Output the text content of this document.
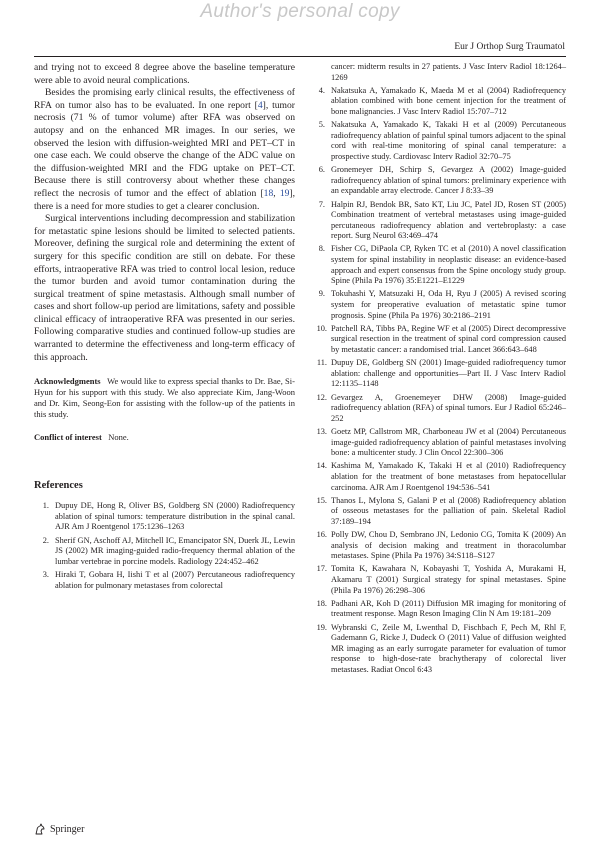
Author's personal copy
Eur J Orthop Surg Traumatol

and trying not to exceed 8 degree above the baseline temperature were able to avoid neural complications.

Besides the promising early clinical results, the effectiveness of RFA on tumor also has to be evaluated. In one report [4], tumor necrosis (71 % of tumor volume) after RFA was observed on autopsy and on the enhanced MR images. In our series, we observed the lesion with diffusion-weighted MRI and PET–CT in one case each. We could observe the change of the ADC value on the diffusion-weighted MRI and the FDG uptake on PET–CT. Because there is still controversy about whether these changes reflect the necrosis of tumor and the effect of ablation [18, 19], there is a need for more studies to get a clearer conclusion.

Surgical interventions including decompression and stabilization for metastatic spine lesions should be limited to selected patients. Moreover, defining the surgical role and determining the extent of surgery for this specific condition are still on debate. For these efforts, intraoperative RFA was tried to control local lesion, reduce the tumor burden and avoid tumor contamination during the surgical treatment of spine metastasis. Although small number of cases and short follow-up period are limitations, safety and possible clinical efficacy of intraoperative RFA was presented in our series. Following comparative studies and continued follow-up studies are warranted to determine the effectiveness and long-term efficacy of this approach.

Acknowledgments We would like to express special thanks to Dr. Bae, Si-Hyun for his support with this study. We also appreciate Kim, Jang-Woon and Dr. Kim, Seong-Eon for assisting with the follow-up of the patients in this study.

Conflict of interest None.

References
1. Dupuy DE, Hong R, Oliver BS, Goldberg SN (2000) Radiofrequency ablation of spinal tumors: temperature distribution in the spinal canal. AJR Am J Roentgenol 175:1236–1263
2. Sherif GN, Aschoff AJ, Mitchell IC, Emancipator SN, Duerk JL, Lewin JS (2002) MR imaging-guided radio-frequency thermal ablation of the lumbar vertebrae in porcine models. Radiology 224:452–462
3. Hiraki T, Gobara H, Iishi T et al (2007) Percutaneous radiofrequency ablation for pulmonary metastases from colorectal
cancer: midterm results in 27 patients. J Vasc Interv Radiol 18:1264–1269
4. Nakatsuka A, Yamakado K, Maeda M et al (2004) Radiofrequency ablation combined with bone cement injection for the treatment of bone malignancies. J Vasc Interv Radiol 15:707–712
5. Nakatsuka A, Yamakado K, Takaki H et al (2009) Percutaneous radiofrequency ablation of painful spinal tumors adjacent to the spinal cord with real-time monitoring of spinal canal temperature: a prospective study. Cardiovasc Interv Radiol 32:70–75
6. Gronemeyer DH, Schirp S, Gevargez A (2002) Image-guided radiofrequency ablation of spinal tumors: preliminary experience with an expandable array electrode. Cancer J 8:33–39
7. Halpin RJ, Bendok BR, Sato KT, Liu JC, Patel JD, Rosen ST (2005) Combination treatment of vertebral metastases using image-guided percutaneous radiofrequency ablation and vertebroplasty: a case report. Surg Neurol 63:469–474
8. Fisher CG, DiPaola CP, Ryken TC et al (2010) A novel classification system for spinal instability in neoplastic disease: an evidence-based approach and expert consensus from the Spine oncology study group. Spine (Phila Pa 1976) 35:E1221–E1229
9. Tokuhashi Y, Matsuzaki H, Oda H, Ryu J (2005) A revised scoring system for preoperative evaluation of metastatic spine tumor prognosis. Spine (Phila Pa 1976) 30:2186–2191
10. Patchell RA, Tibbs PA, Regine WF et al (2005) Direct decompressive surgical resection in the treatment of spinal cord compression caused by metastatic cancer: a randomised trial. Lancet 366:643–648
11. Dupuy DE, Goldberg SN (2001) Image-guided radiofrequency tumor ablation: challenge and opportunities—Part II. J Vasc Interv Radiol 12:1135–1148
12. Gevargez A, Groenemeyer DHW (2008) Image-guided radiofrequency ablation (RFA) of spinal tumors. Eur J Radiol 65:246–252
13. Goetz MP, Callstrom MR, Charboneau JW et al (2004) Percutaneous image-guided radiofrequency ablation of painful metastases involving bone: a multicenter study. J Clin Oncol 22:300–306
14. Kashima M, Yamakado K, Takaki H et al (2010) Radiofrequency ablation for the treatment of bone metastases from hepatocellular carcinoma. AJR Am J Roentgenol 194:536–541
15. Thanos L, Mylona S, Galani P et al (2008) Radiofrequency ablation of osseous metastases for the palliation of pain. Skeletal Radiol 37:189–194
16. Polly DW, Chou D, Sembrano JN, Ledonio CG, Tomita K (2009) An analysis of decision making and treatment in thoracolumbar metastases. Spine (Phila Pa 1976) 34:S118–S127
17. Tomita K, Kawahara N, Kobayashi T, Yoshida A, Murakami H, Akamaru T (2001) Surgical strategy for spinal metastases. Spine (Phila Pa 1976) 26:298–306
18. Padhani AR, Koh D (2011) Diffusion MR imaging for monitoring of treatment response. Magn Reson Imaging Clin N Am 19:181–209
19. Wybranski C, Zeile M, Lwenthal D, Fischbach F, Pech M, Rhl F, Gademann G, Ricke J, Dudeck O (2011) Value of diffusion weighted MR imaging as an early surrogate parameter for evaluation of tumor response to high-dose-rate brachytherapy of colorectal liver metastases. Radiat Oncol 6:43
Springer
